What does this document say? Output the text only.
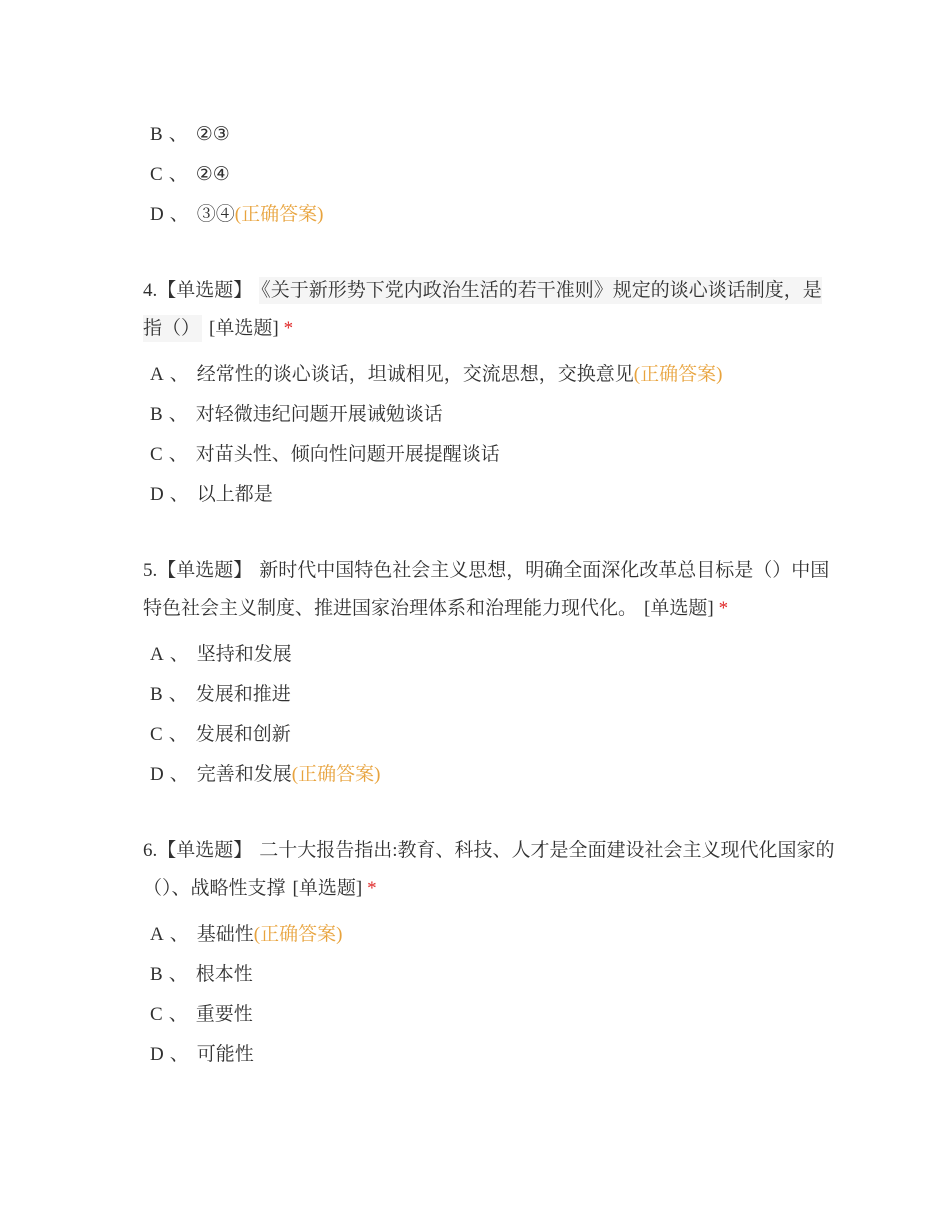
B 、 ②③
C 、 ②④
D 、 ③④(正确答案)

4.【单选题】 《关于新形势下党内政治生活的若干准则》规定的谈心谈话制度，是指（） [单选题] *

A 、 经常性的谈心谈话，坦诚相见，交流思想，交换意见(正确答案)
B 、 对轻微违纪问题开展诫勉谈话
C 、 对苗头性、倾向性问题开展提醒谈话
D 、 以上都是

5.【单选题】 新时代中国特色社会主义思想，明确全面深化改革总目标是（）中国特色社会主义制度、推进国家治理体系和治理能力现代化。 [单选题] *

A 、 坚持和发展
B 、 发展和推进
C 、 发展和创新
D 、 完善和发展(正确答案)

6.【单选题】 二十大报告指出:教育、科技、人才是全面建设社会主义现代化国家的（）、战略性支撑 [单选题] *

A 、 基础性(正确答案)
B 、 根本性
C 、 重要性
D 、 可能性
